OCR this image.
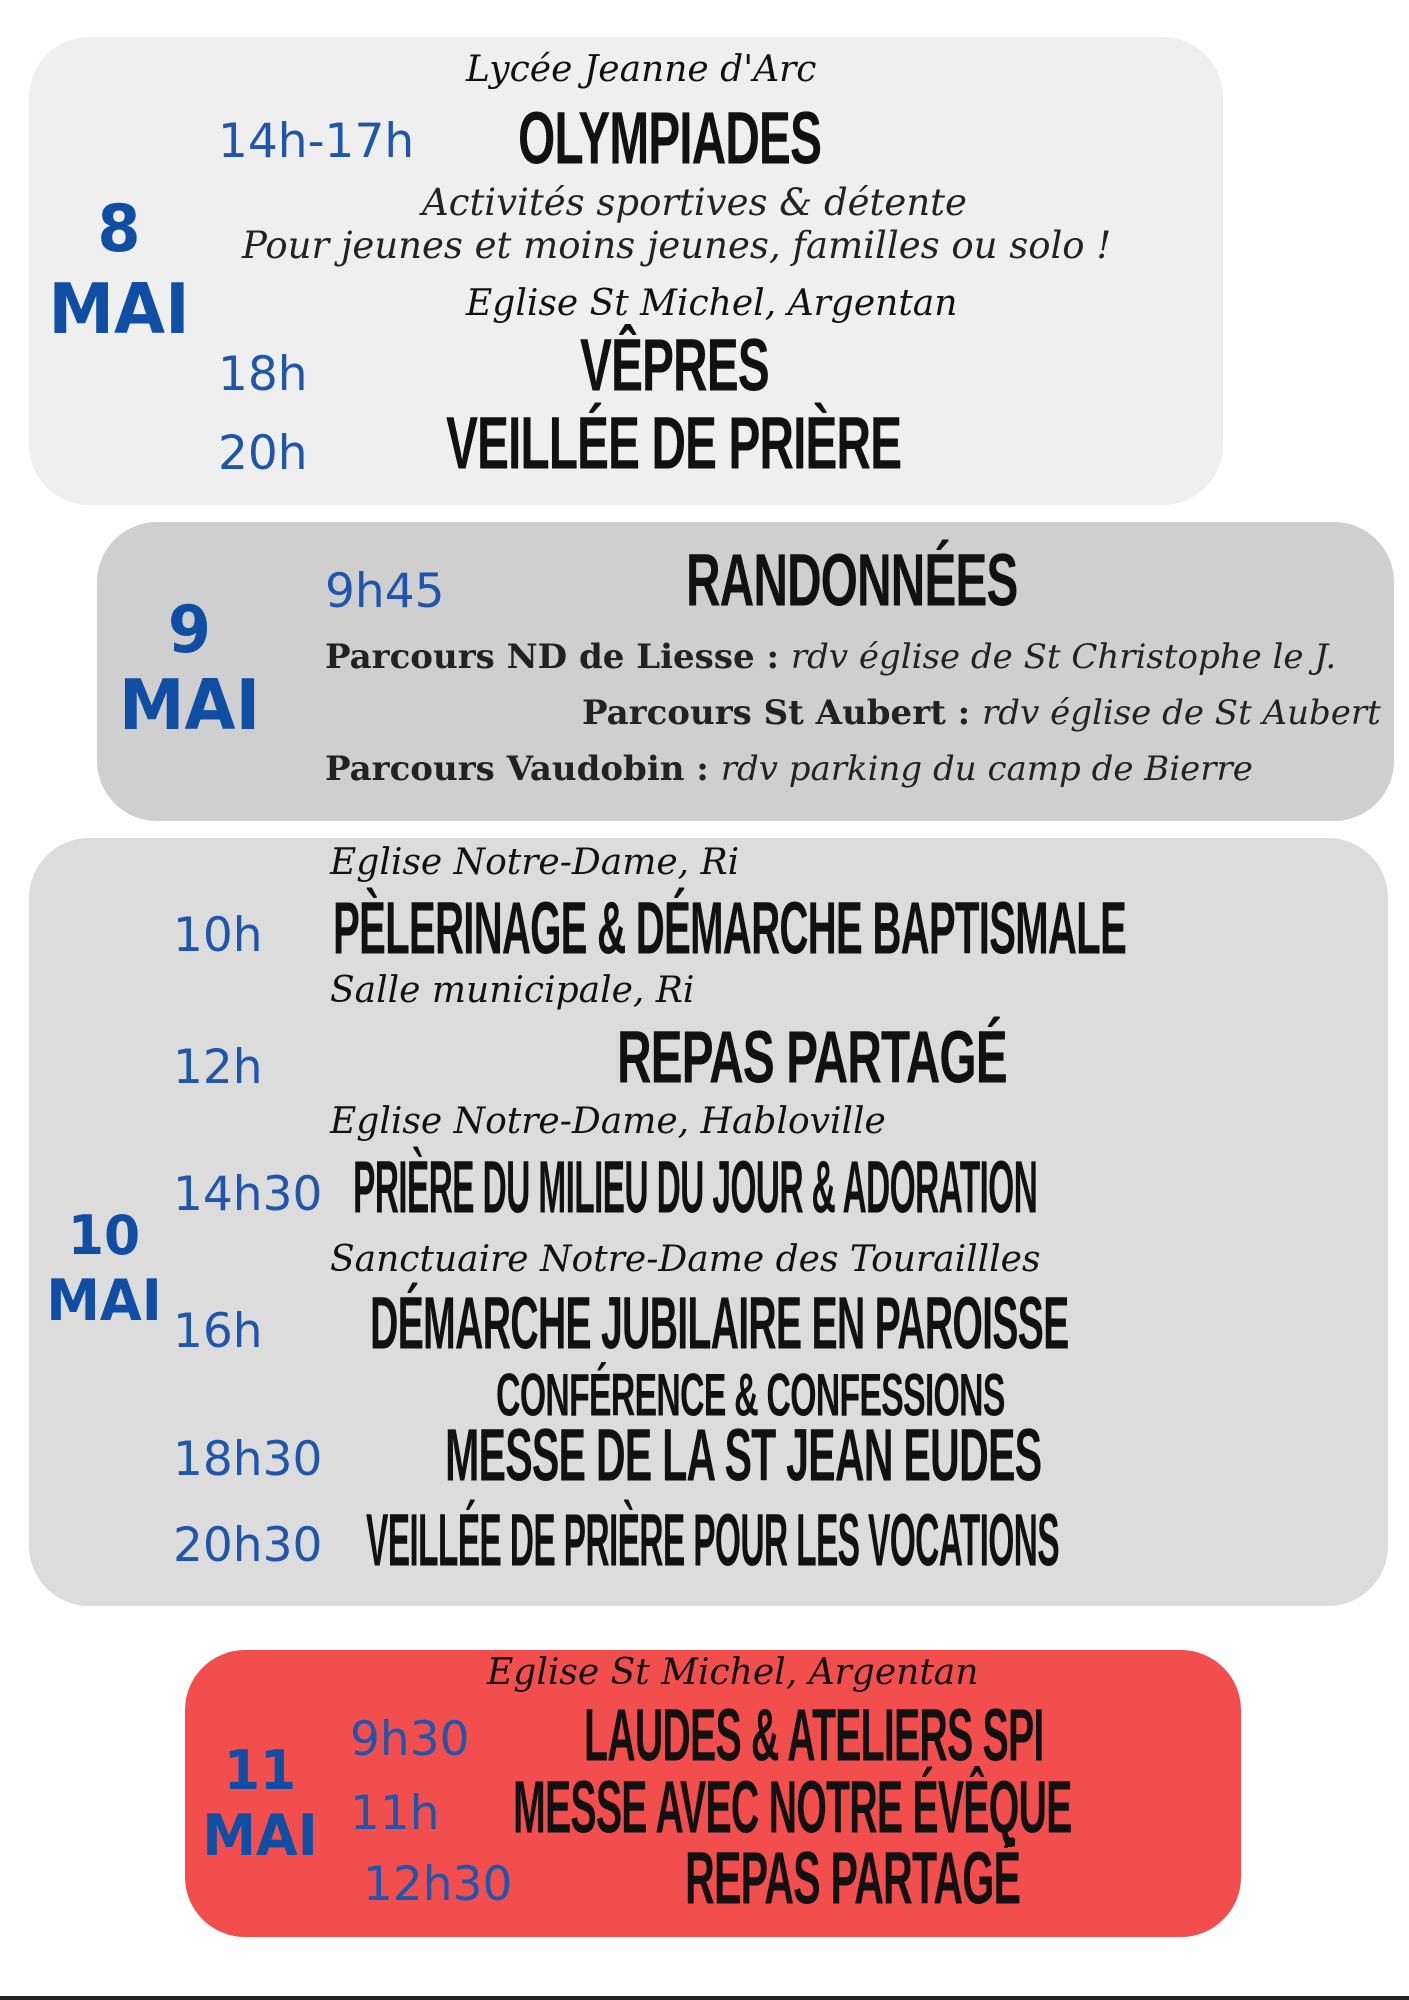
8
MAI
Lycée Jeanne d'Arc
14h-17h OLYMPIADES
Activités sportives & détente
Pour jeunes et moins jeunes, familles ou solo !
Eglise St Michel, Argentan
18h	VÊPRES
20h	VEILLÉE DE PRIÈRE
9
MAI
9h45	RANDONNÉES
Parcours ND de Liesse : rdv église de St Christophe le J.
Parcours St Aubert : rdv église de St Aubert
Parcours Vaudobin : rdv parking du camp de Bierre
10
MAI
Eglise Notre-Dame, Ri
10h PÈLERINAGE & DÉMARCHE BAPTISMALE
Salle municipale, Ri
12h	REPAS PARTAGÉ
Eglise Notre-Dame, Habloville
14h30 PRIÈRE DU MILIEU DU JOUR & ADORATION
Sanctuaire Notre-Dame des Touraillles
16h DÉMARCHE JUBILAIRE EN PAROISSE
CONFÉRENCE & CONFESSIONS
18h30	MESSE DE LA ST JEAN EUDES
20h30 VEILLÉE DE PRIÈRE POUR LES VOCATIONS
11
MAI
Eglise St Michel, Argentan
9h30 LAUDES & ATELIERS SPI
11h MESSE AVEC NOTRE ÉVÊQUE
12h30	REPAS PARTAGÉ
